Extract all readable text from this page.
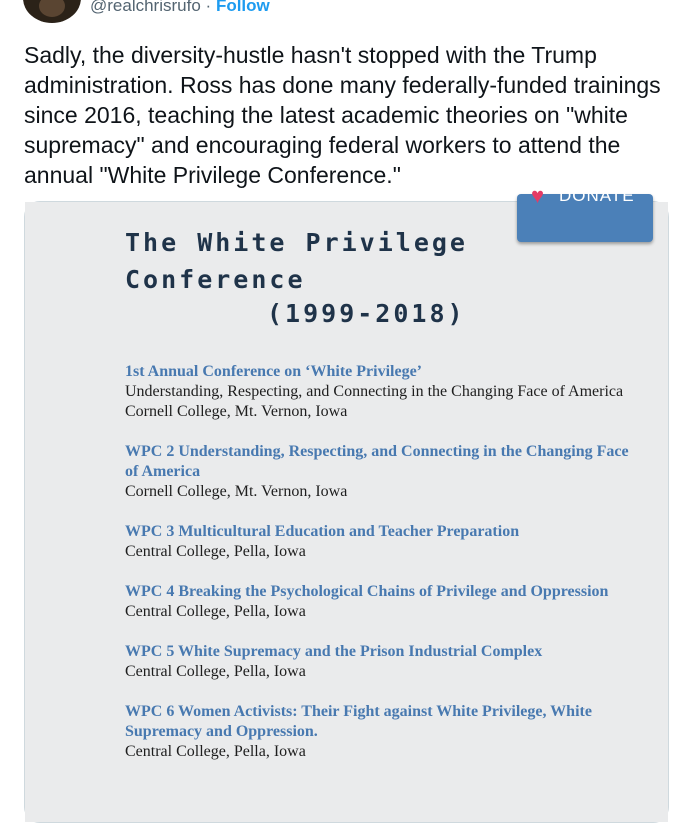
@realchrisrufo · Follow

Sadly, the diversity-hustle hasn't stopped with the Trump administration. Ross has done many federally-funded trainings since 2016, teaching the latest academic theories on "white supremacy" and encouraging federal workers to attend the annual "White Privilege Conference."

♥ DONATE

The White Privilege Conference

(1999-2018)

1st Annual Conference on ‘White Privilege’
Understanding, Respecting, and Connecting in the Changing Face of America
Cornell College, Mt. Vernon, Iowa
WPC 2 Understanding, Respecting, and Connecting in the Changing Face of America
Cornell College, Mt. Vernon, Iowa
WPC 3 Multicultural Education and Teacher Preparation
Central College, Pella, Iowa
WPC 4 Breaking the Psychological Chains of Privilege and Oppression
Central College, Pella, Iowa
WPC 5 White Supremacy and the Prison Industrial Complex
Central College, Pella, Iowa
WPC 6 Women Activists: Their Fight against White Privilege, White Supremacy and Oppression.
Central College, Pella, Iowa
